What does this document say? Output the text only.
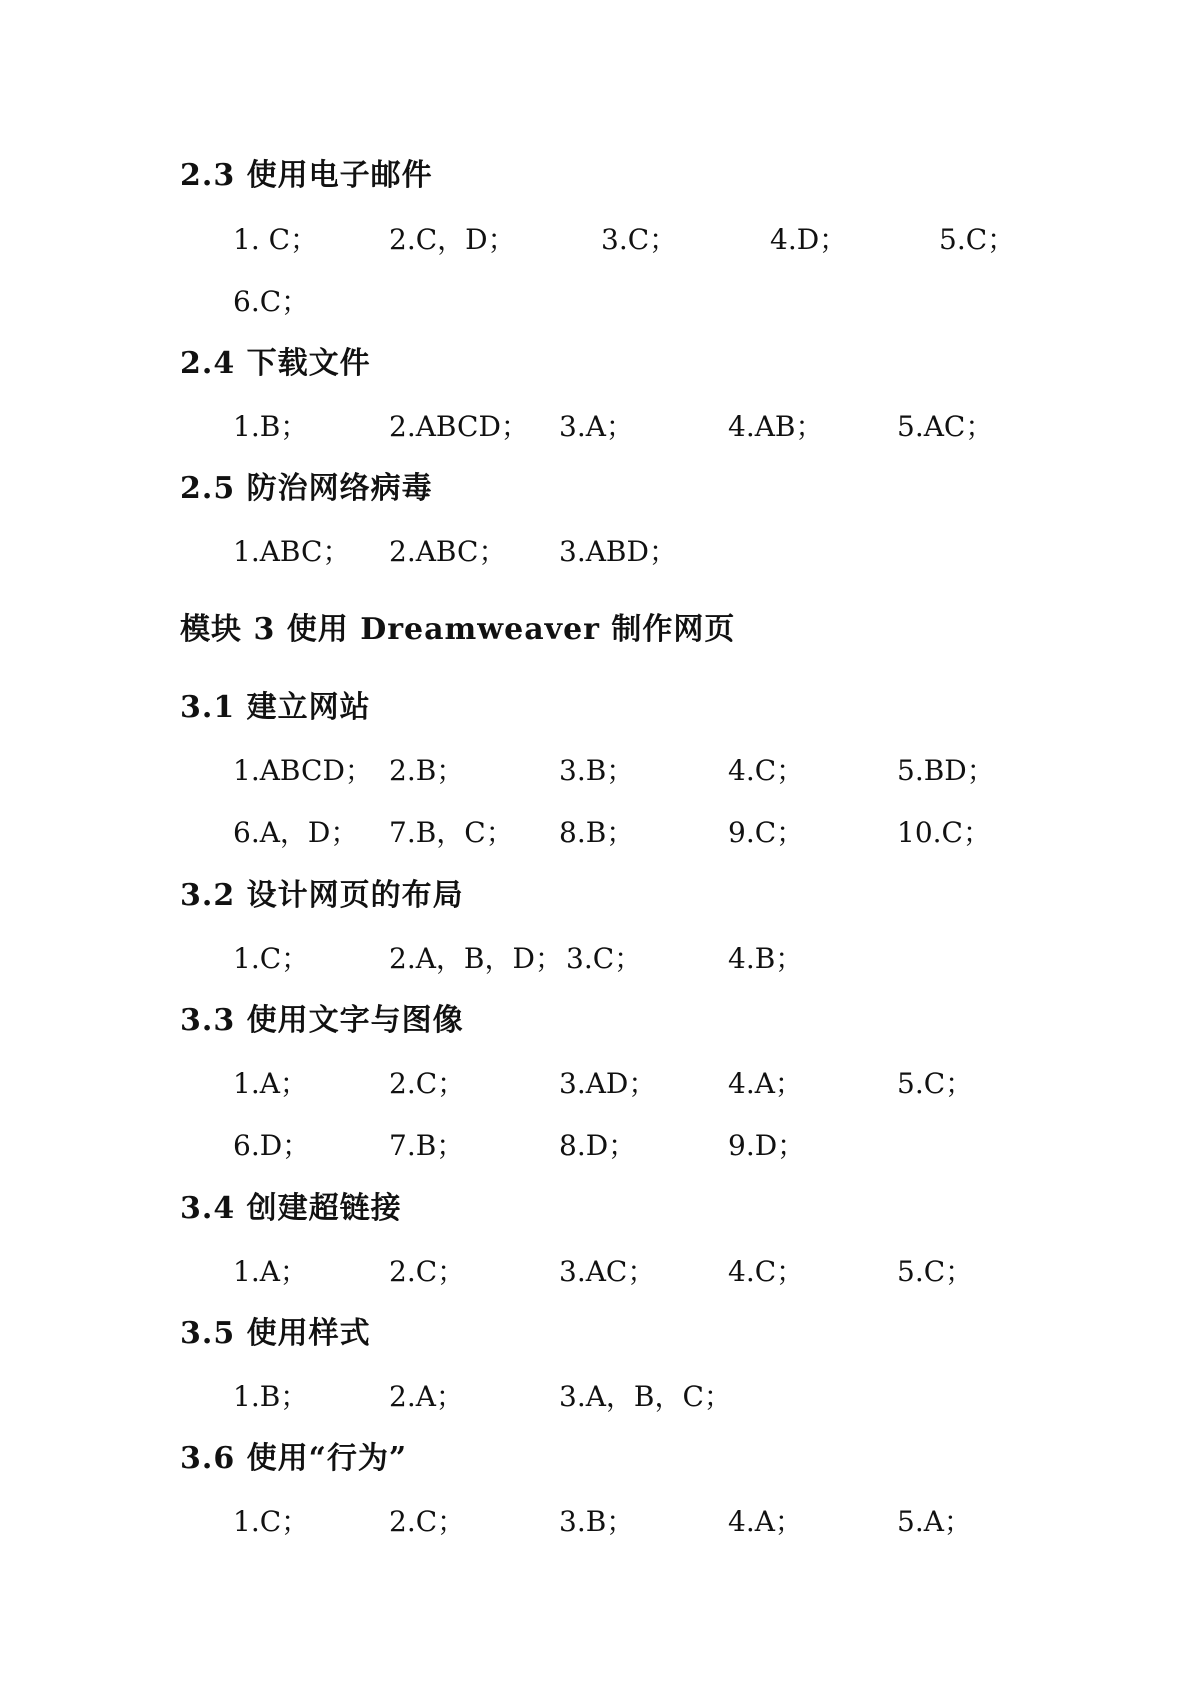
2.3 使用电子邮件
1. C；	2.C，D；	3.C；	4.D；	5.C；
6.C；
2.4 下载文件
1.B；	2.ABCD； 3.A；	4.AB；	5.AC；
2.5 防治网络病毒
1.ABC； 2.ABC； 3.ABD；
模块 3 使用 Dreamweaver 制作网页
3.1 建立网站
1.ABCD； 2.B；	3.B；	4.C；	5.BD；
6.A，D； 7.B，C； 8.B；	9.C；	10.C；
3.2 设计网页的布局
1.C；	2.A，B，D； 3.C；	4.B；
3.3 使用文字与图像
1.A；	2.C；	3.AD；	4.A；	5.C；
6.D；	7.B；	8.D；	9.D；
3.4 创建超链接
1.A；	2.C；	3.AC；	4.C；	5.C；
3.5 使用样式
1.B；	2.A；	3.A，B，C；
3.6 使用“行为”
1.C；	2.C；	3.B；	4.A；	5.A；
